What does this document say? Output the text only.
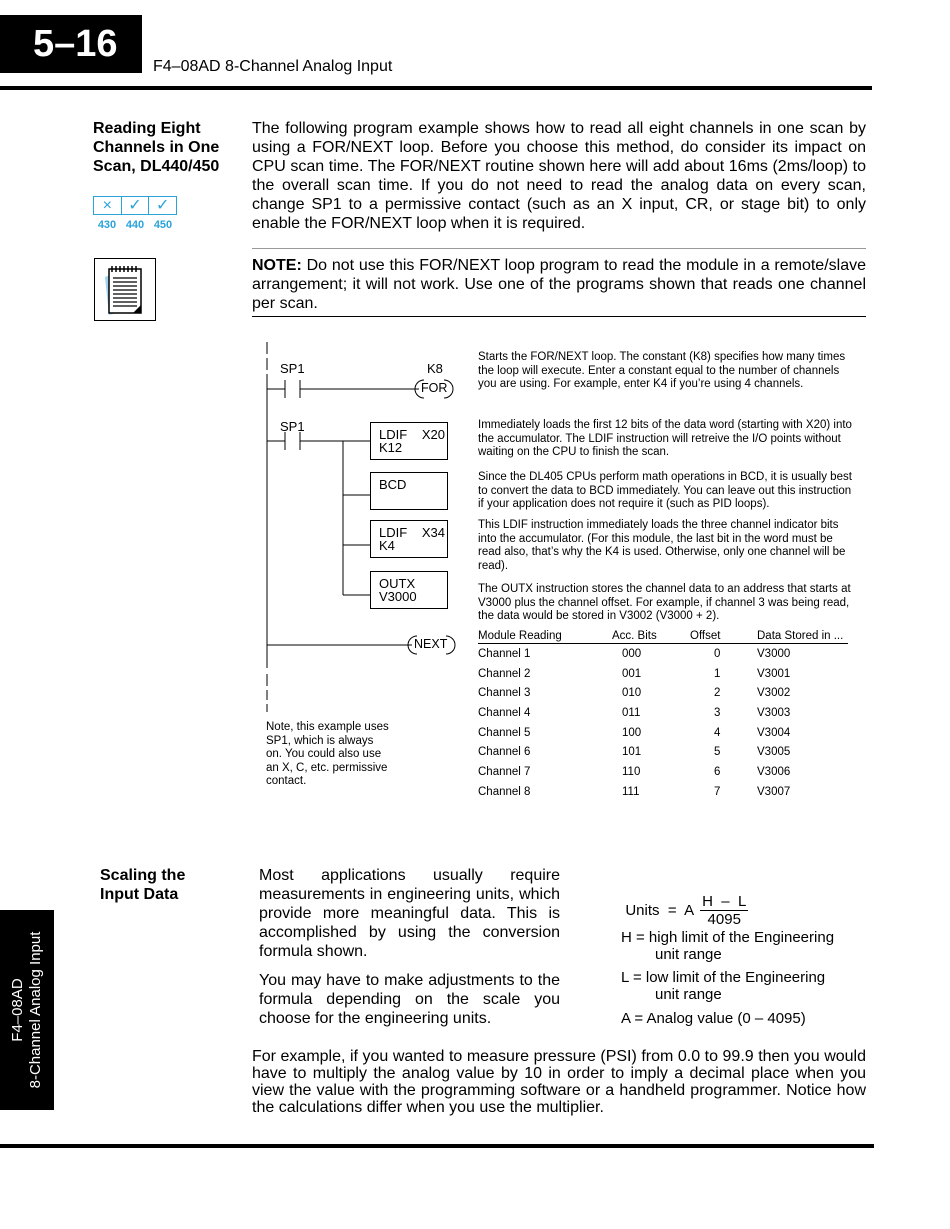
5–16
F4–08AD 8-Channel Analog Input
Reading Eight Channels in One Scan, DL440/450
×	✓ ✓
430 440 450
The following program example shows how to read all eight channels in one scan by using a FOR/NEXT loop. Before you choose this method, do consider its impact on CPU scan time. The FOR/NEXT routine shown here will add about 16ms (2ms/loop) to the overall scan time. If you do not need to read the analog data on every scan, change SP1 to a permissive contact (such as an X input, CR, or stage bit) to only enable the FOR/NEXT loop when it is required.
NOTE: Do not use this FOR/NEXT loop program to read the module in a remote/slave arrangement; it will not work. Use one of the programs shown that reads one channel per scan.
SP1	K8
FOR
SP1
LDIF X20

K12
BCD
LDIF X34

K4
OUTX
V3000
NEXT
Note, this example uses SP1, which is always on. You could also use an X, C, etc. permissive contact.
Starts the FOR/NEXT loop. The constant (K8) specifies how many times the loop will execute. Enter a constant equal to the number of channels you are using. For example, enter K4 if you’re using 4 channels.
Immediately loads the first 12 bits of the data word (starting with X20) into the accumulator. The LDIF instruction will retreive the I/O points without waiting on the CPU to finish the scan.
Since the DL405 CPUs perform math operations in BCD, it is usually best to convert the data to BCD immediately. You can leave out this instruction if your application does not require it (such as PID loops).
This LDIF instruction immediately loads the three channel indicator bits into the accumulator. (For this module, the last bit in the word must be read also, that’s why the K4 is used. Otherwise, only one channel will be read).
The OUTX instruction stores the channel data to an address that starts at V3000 plus the channel offset. For example, if channel 3 was being read, the data would be stored in V3002 (V3000 + 2).
Module Reading	Acc. Bits	Offset	Data Stored in ...
Channel 1	000	0	V3000
Channel 2	001	1	V3001
Channel 3	010	2	V3002
Channel 4	011	3	V3003
Channel 5	100	4	V3004
Channel 6	101	5	V3005
Channel 7	110	6	V3006
Channel 8	111	7	V3007
Scaling the Input Data
Most applications usually require measurements in engineering units, which provide more meaningful data. This is accomplished by using the conversion formula shown.
You may have to make adjustments to the formula depending on the scale you choose for the engineering units.

Units  =  A $\frac{H - L}{4095}$

H = high limit of the Engineering
unit range
L = low limit of the Engineering
unit range
A = Analog value (0 – 4095)
For example, if you wanted to measure pressure (PSI) from 0.0 to 99.9 then you would have to multiply the analog value by 10 in order to imply a decimal place when you view the value with the programming software or a handheld programmer. Notice how the calculations differ when you use the multiplier.
F4–08AD 8-Channel Analog Input
